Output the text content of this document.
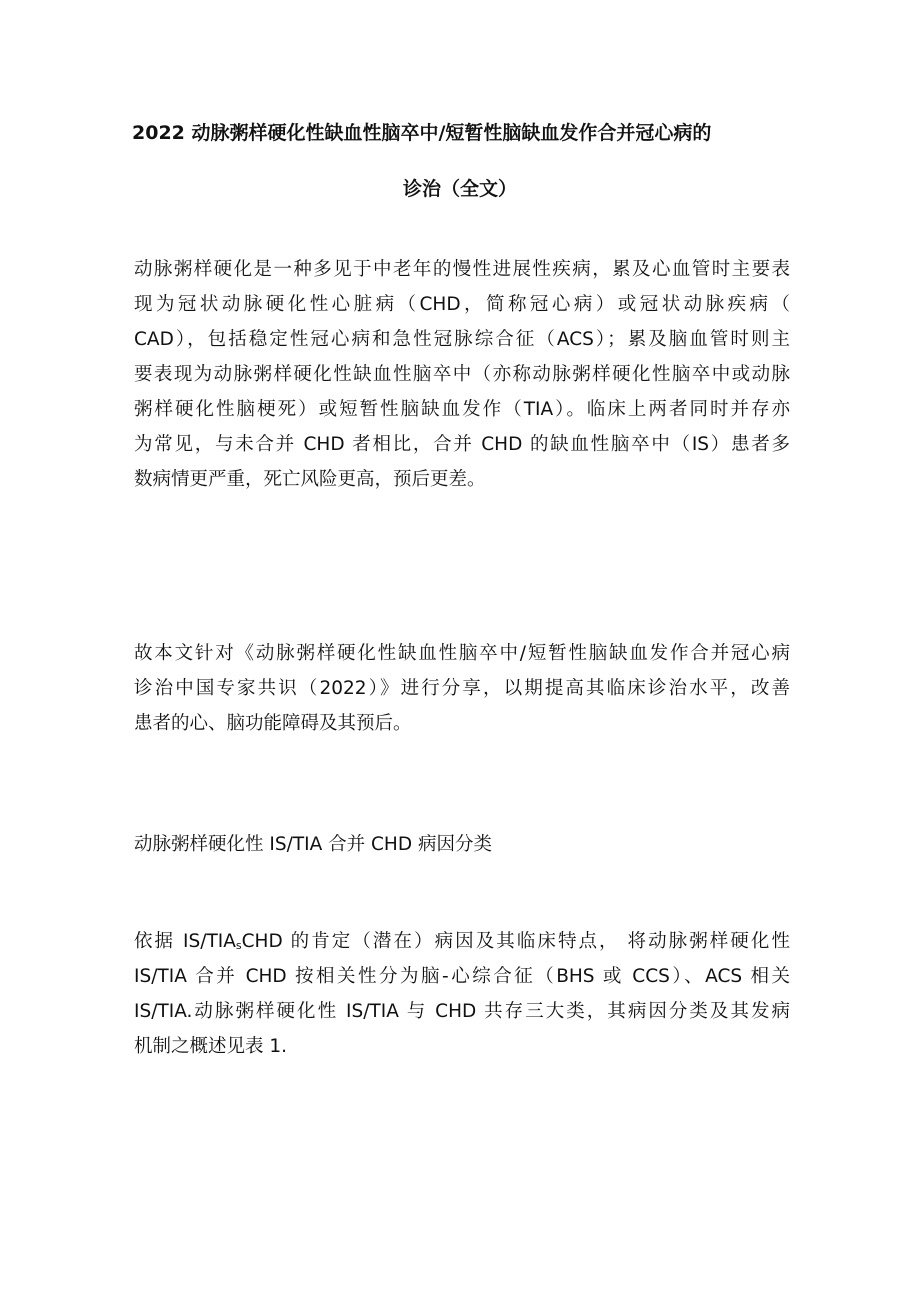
2022 动脉粥样硬化性缺血性脑卒中/短暂性脑缺血发作合并冠心病的
诊治（全文）

动脉粥样硬化是一种多见于中老年的慢性进展性疾病，累及心血管时主要表
现为冠状动脉硬化性心脏病（CHD，简称冠心病）或冠状动脉疾病（
CAD），包括稳定性冠心病和急性冠脉综合征（ACS）；累及脑血管时则主
要表现为动脉粥样硬化性缺血性脑卒中（亦称动脉粥样硬化性脑卒中或动脉
粥样硬化性脑梗死）或短暂性脑缺血发作（TIA）。临床上两者同时并存亦
为常见，与未合并 CHD 者相比，合并 CHD 的缺血性脑卒中（IS）患者多
数病情更严重，死亡风险更高，预后更差。

故本文针对《动脉粥样硬化性缺血性脑卒中/短暂性脑缺血发作合并冠心病
诊治中国专家共识（2022）》进行分享，以期提高其临床诊治水平，改善
患者的心、脑功能障碍及其预后。

动脉粥样硬化性 IS/TIA 合并 CHD 病因分类

依据 $IS/TIA_sCHD$ 的肯定（潜在）病因及其临床特点， 将动脉粥样硬化性
IS/TIA 合并 CHD 按相关性分为脑-心综合征（BHS 或 CCS）、ACS 相关
IS/TIA.动脉粥样硬化性 IS/TIA 与 CHD 共存三大类，其病因分类及其发病
机制之概述见表 1.
